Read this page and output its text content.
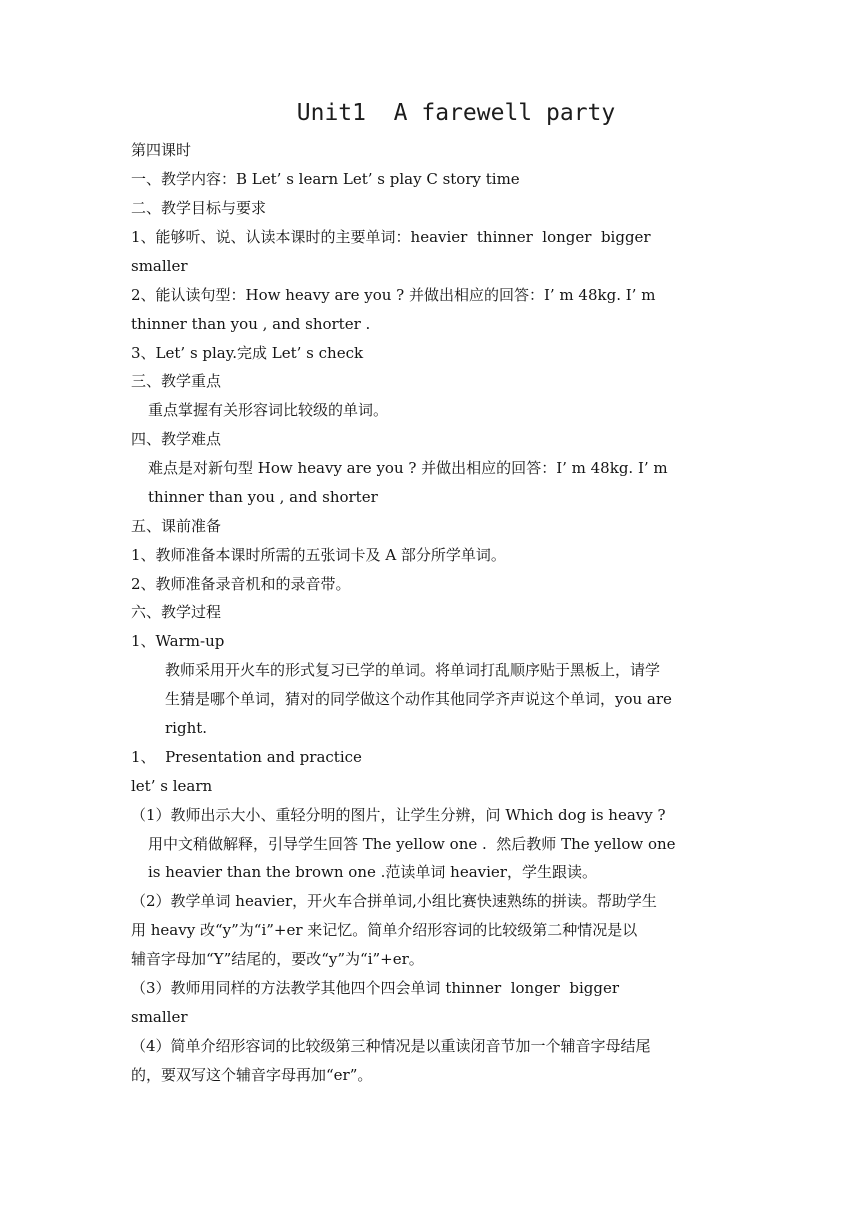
Unit1  A farewell party
第四课时
一、教学内容：B Let’ s learn Let’ s play C story time
二、教学目标与要求
1、能够听、说、认读本课时的主要单词：heavier  thinner  longer  bigger
smaller
2、能认读句型：How heavy are you ? 并做出相应的回答：I’ m 48kg. I’ m
thinner than you , and shorter .
3、Let’ s play.完成 Let’ s check
三、教学重点
重点掌握有关形容词比较级的单词。
四、教学难点
难点是对新句型 How heavy are you ? 并做出相应的回答：I’ m 48kg. I’ m
thinner than you , and shorter
五、课前准备
1、教师准备本课时所需的五张词卡及 A 部分所学单词。
2、教师准备录音机和的录音带。
六、教学过程
1、Warm-up
教师采用开火车的形式复习已学的单词。将单词打乱顺序贴于黑板上，请学
生猜是哪个单词，猜对的同学做这个动作其他同学齐声说这个单词，you are
right.
1、  Presentation and practice
let’ s learn
（1）教师出示大小、重轻分明的图片，让学生分辨，问 Which dog is heavy ?
用中文稍做解释，引导学生回答 The yellow one .  然后教师 The yellow one
is heavier than the brown one .范读单词 heavier，学生跟读。
（2）教学单词 heavier，开火车合拼单词,小组比赛快速熟练的拼读。帮助学生
用 heavy 改“y”为“i”+er 来记忆。简单介绍形容词的比较级第二种情况是以
辅音字母加“Y”结尾的，要改“y”为“i”+er。
（3）教师用同样的方法教学其他四个四会单词 thinner  longer  bigger
smaller
（4）简单介绍形容词的比较级第三种情况是以重读闭音节加一个辅音字母结尾
的，要双写这个辅音字母再加“er”。
